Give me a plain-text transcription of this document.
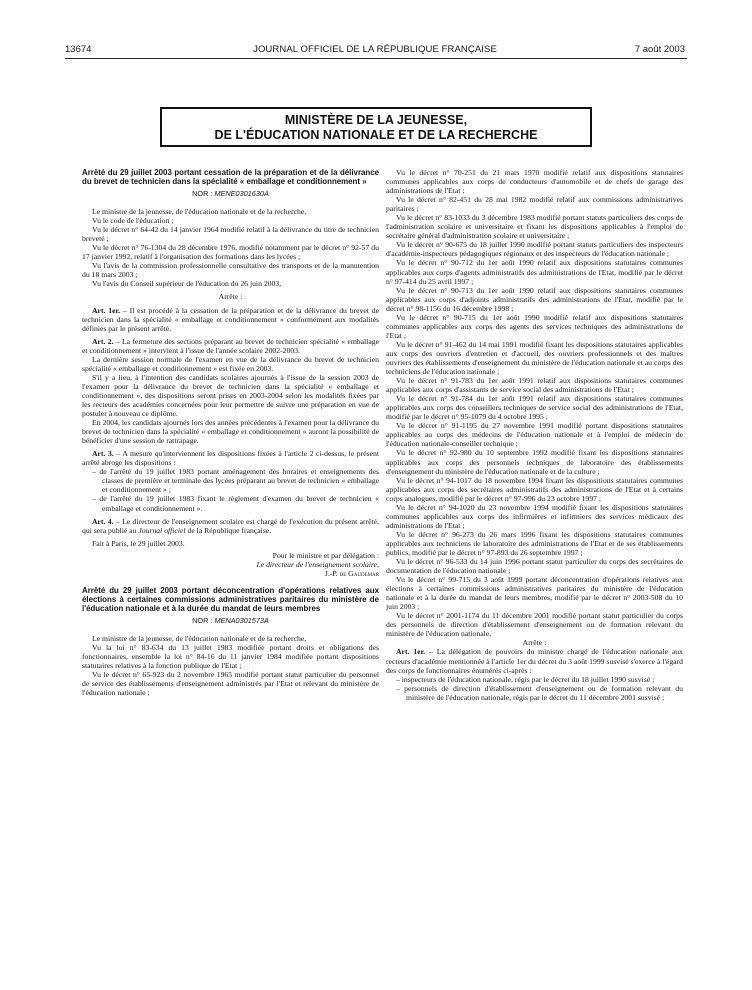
13674	JOURNAL OFFICIEL DE LA RÉPUBLIQUE FRANÇAISE	7 août 2003
MINISTÈRE DE LA JEUNESSE,
DE L'ÉDUCATION NATIONALE ET DE LA RECHERCHE
Arrêté du 29 juillet 2003 portant cessation de la préparation et de la délivrance du brevet de technicien dans la spécialité « emballage et conditionnement »
NOR : MENE0301630A

Le ministre de la jeunesse, de l'éducation nationale et de la recherche,

Vu le code de l'éducation ;

Vu le décret n° 64-42 du 14 janvier 1964 modifié relatif à la délivrance du titre de technicien breveté ;

Vu le décret n° 76-1304 du 28 décembre 1976, modifié notamment par le décret n° 92-57 du 17 janvier 1992, relatif à l'organisation des formations dans les lycées ;

Vu l'avis de la commission professionnelle consultative des transports et de la manutention du 18 mars 2003 ;

Vu l'avis du Conseil supérieur de l'éducation du 26 juin 2003,

Arrête :

Art. 1er. – Il est procédé à la cessation de la préparation et de la délivrance du brevet de technicien dans la spécialité « emballage et conditionnement » conformément aux modalités définies par le présent arrêté.

Art. 2. – La fermeture des sections préparant au brevet de technicien spécialité « emballage et conditionnement » intervient à l'issue de l'année scolaire 2002-2003.

La dernière session normale de l'examen en vue de la délivrance du brevet de technicien spécialité « emballage et conditionnement » est fixée en 2003.

S'il y a lieu, à l'intention des candidats scolaires ajournés à l'issue de la session 2003 de l'examen pour la délivrance du brevet de technicien dans la spécialité « emballage et conditionnement », des dispositions seront prises en 2003-2004 selon les modalités fixées par les recteurs des académies concernées pour leur permettre de suivre une préparation en vue de postuler à nouveau ce diplôme.

En 2004, les candidats ajournés lors des années précédentes à l'examen pour la délivrance du brevet de technicien dans la spécialité « emballage et conditionnement » auront la possibilité de bénéficier d'une session de rattrapage.

Art. 3. – A mesure qu'interviennent les dispositions fixées à l'article 2 ci-dessus, le présent arrêté abroge les dispositions :

– de l'arrêté du 19 juillet 1983 portant aménagement des horaires et enseignements des classes de première et terminale des lycées préparant au brevet de technicien « emballage et conditionnement » ;

– de l'arrêté du 19 juillet 1983 fixant le règlement d'examen du brevet de technicien « emballage et conditionnement ».

Art. 4. – Le directeur de l'enseignement scolaire est chargé de l'exécution du présent arrêté, qui sera publié au Journal officiel de la République française.

Fait à Paris, le 29 juillet 2003.

Pour le ministre et par délégation :

Le directeur de l'enseignement scolaire,

J.-P. de Gaudemar

Arrêté du 29 juillet 2003 portant déconcentration d'opérations relatives aux élections à certaines commissions administratives paritaires du ministère de l'éducation nationale et à la durée du mandat de leurs membres
NOR : MENA0301573A

Le ministre de la jeunesse, de l'éducation nationale et de la recherche,

Vu la loi n° 83-634 du 13 juillet 1983 modifiée portant droits et obligations des fonctionnaires, ensemble la loi n° 84-16 du 11 janvier 1984 modifiée portant dispositions statutaires relatives à la fonction publique de l'Etat ;

Vu le décret n° 65-923 du 2 novembre 1965 modifié portant statut particulier du personnel de service des établissements d'enseignement administrés par l'Etat et relevant du ministère de l'éducation nationale ;

Vu le décret n° 70-251 du 21 mars 1970 modifié relatif aux dispositions statutaires communes applicables aux corps de conducteurs d'automobile et de chefs de garage des administrations de l'Etat ;

Vu le décret n° 82-451 du 28 mai 1982 modifié relatif aux commissions administratives paritaires ;

Vu le décret n° 83-1033 du 3 décembre 1983 modifié portant statuts particuliers des corps de l'administration scolaire et universitaire et fixant les dispositions applicables à l'emploi de secrétaire général d'administration scolaire et universitaire ;

Vu le décret n° 90-675 du 18 juillet 1990 modifié portant statuts particuliers des inspecteurs d'académie-inspecteurs pédagogiques régionaux et des inspecteurs de l'éducation nationale ;

Vu le décret n° 90-712 du 1er août 1990 relatif aux dispositions statutaires communes applicables aux corps d'agents administratifs des administrations de l'Etat, modifié par le décret n° 97-414 du 25 avril 1997 ;

Vu le décret n° 90-713 du 1er août 1990 relatif aux dispositions statutaires communes applicables aux corps d'adjoints administratifs des administrations de l'Etat, modifié par le décret n° 98-1156 du 16 décembre 1998 ;

Vu le décret n° 90-715 du 1er août 1990 modifié relatif aux dispositions statutaires communes applicables aux corps des agents des services techniques des administrations de l'Etat ;

Vu le décret n° 91-462 du 14 mai 1991 modifié fixant les dispositions statutaires applicables aux corps des ouvriers d'entretien et d'accueil, des ouvriers professionnels et des maîtres ouvriers des établissements d'enseignement du ministère de l'éducation nationale et au corps des techniciens de l'éducation nationale ;

Vu le décret n° 91-783 du 1er août 1991 relatif aux dispositions statutaires communes applicables aux corps d'assistants de service social des administrations de l'Etat ;

Vu le décret n° 91-784 du 1er août 1991 relatif aux dispositions statutaires communes applicables aux corps des conseillers techniques de service social des administrations de l'Etat, modifié par le décret n° 95-1079 du 4 octobre 1995 ;

Vu le décret n° 91-1195 du 27 novembre 1991 modifié portant dispositions statutaires applicables au corps des médecins de l'éducation nationale et à l'emploi de médecin de l'éducation nationale-conseiller technique ;

Vu le décret n° 92-980 du 10 septembre 1992 modifié fixant les dispositions statutaires applicables aux corps des personnels techniques de laboratoire des établissements d'enseignement du ministère de l'éducation nationale et de la culture ;

Vu le décret n° 94-1017 du 18 novembre 1994 fixant les dispositions statutaires communes applicables aux corps des secrétaires administratifs des administrations de l'Etat et à certains corps analogues, modifié par le décret n° 97-996 du 23 octobre 1997 ;

Vu le décret n° 94-1020 du 23 novembre 1994 modifié fixant les dispositions statutaires communes applicables aux corps des infirmières et infirmiers des services médicaux des administrations de l'Etat ;

Vu le décret n° 96-273 du 26 mars 1996 fixant les dispositions statutaires communes applicables aux techniciens de laboratoire des administrations de l'Etat et de ses établissements publics, modifié par le décret n° 97-893 du 26 septembre 1997 ;

Vu le décret n° 96-533 du 14 juin 1996 portant statut particulier du corps des secrétaires de documentation de l'éducation nationale ;

Vu le décret n° 99-715 du 3 août 1999 portant déconcentration d'opérations relatives aux élections à certaines commissions administratives paritaires du ministère de l'éducation nationale et à la durée du mandat de leurs membres, modifié par le décret n° 2003-508 du 10 juin 2003 ;

Vu le décret n° 2001-1174 du 11 décembre 2001 modifié portant statut particulier du corps des personnels de direction d'établissement d'enseignement ou de formation relevant du ministère de l'éducation nationale,

Arrête :

Art. 1er. – La délégation de pouvoirs du ministre chargé de l'éducation nationale aux recteurs d'académie mentionnée à l'article 1er du décret du 3 août 1999 susvisé s'exerce à l'égard des corps de fonctionnaires énumérés ci-après :

– inspecteurs de l'éducation nationale, régis par le décret du 18 juillet 1990 susvisé ;

– personnels de direction d'établissement d'enseignement ou de formation relevant du ministère de l'éducation nationale, régis par le décret du 11 décembre 2001 susvisé ;
